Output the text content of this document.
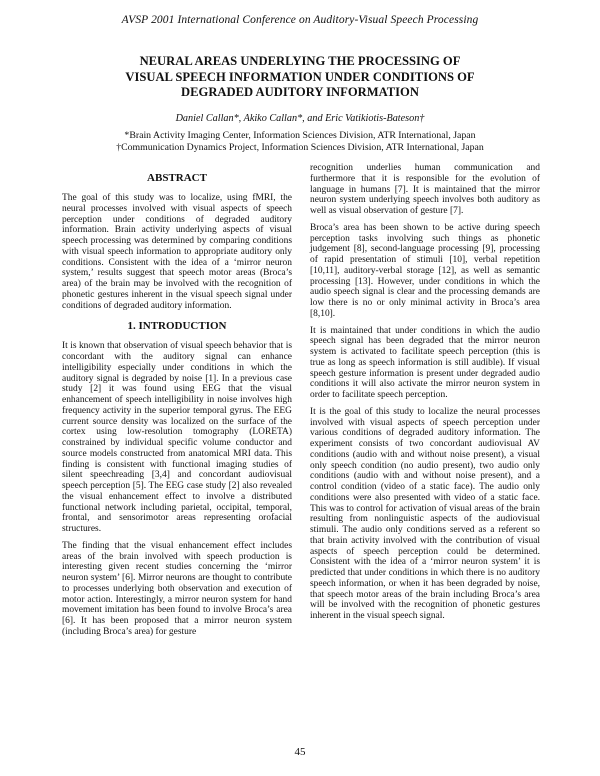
AVSP 2001 International Conference on Auditory-Visual Speech Processing
NEURAL AREAS UNDERLYING THE PROCESSING OF
VISUAL SPEECH INFORMATION UNDER CONDITIONS OF
DEGRADED AUDITORY INFORMATION
Daniel Callan*, Akiko Callan*, and Eric Vatikiotis-Bateson†
*Brain Activity Imaging Center, Information Sciences Division, ATR International, Japan
†Communication Dynamics Project, Information Sciences Division, ATR International, Japan
ABSTRACT

The goal of this study was to localize, using fMRI, the neural processes involved with visual aspects of speech perception under conditions of degraded auditory information. Brain activity underlying aspects of visual speech processing was determined by comparing conditions with visual speech information to appropriate auditory only conditions. Consistent with the idea of a ‘mirror neuron system,’ results suggest that speech motor areas (Broca’s area) of the brain may be involved with the recognition of phonetic gestures inherent in the visual speech signal under conditions of degraded auditory information.

1. INTRODUCTION

It is known that observation of visual speech behavior that is concordant with the auditory signal can enhance intelligibility especially under conditions in which the auditory signal is degraded by noise [1]. In a previous case study [2] it was found using EEG that the visual enhancement of speech intelligibility in noise involves high frequency activity in the superior temporal gyrus. The EEG current source density was localized on the surface of the cortex using low-resolution tomography (LORETA) constrained by individual specific volume conductor and source models constructed from anatomical MRI data. This finding is consistent with functional imaging studies of silent speechreading [3,4] and concordant audiovisual speech perception [5]. The EEG case study [2] also revealed the visual enhancement effect to involve a distributed functional network including parietal, occipital, temporal, frontal, and sensorimotor areas representing orofacial structures.

The finding that the visual enhancement effect includes areas of the brain involved with speech production is interesting given recent studies concerning the ‘mirror neuron system’ [6]. Mirror neurons are thought to contribute to processes underlying both observation and execution of motor action. Interestingly, a mirror neuron system for hand movement imitation has been found to involve Broca’s area [6]. It has been proposed that a mirror neuron system (including Broca’s area) for gesture

recognition underlies human communication and furthermore that it is responsible for the evolution of language in humans [7]. It is maintained that the mirror neuron system underlying speech involves both auditory as well as visual observation of gesture [7].

Broca’s area has been shown to be active during speech perception tasks involving such things as phonetic judgement [8], second-language processing [9], processing of rapid presentation of stimuli [10], verbal repetition [10,11], auditory-verbal storage [12], as well as semantic processing [13]. However, under conditions in which the audio speech signal is clear and the processing demands are low there is no or only minimal activity in Broca’s area [8,10].

It is maintained that under conditions in which the audio speech signal has been degraded that the mirror neuron system is activated to facilitate speech perception (this is true as long as speech information is still audible). If visual speech gesture information is present under degraded audio conditions it will also activate the mirror neuron system in order to facilitate speech perception.

It is the goal of this study to localize the neural processes involved with visual aspects of speech perception under various conditions of degraded auditory information. The experiment consists of two concordant audiovisual AV conditions (audio with and without noise present), a visual only speech condition (no audio present), two audio only conditions (audio with and without noise present), and a control condition (video of a static face). The audio only conditions were also presented with video of a static face. This was to control for activation of visual areas of the brain resulting from nonlinguistic aspects of the audiovisual stimuli. The audio only conditions served as a referent so that brain activity involved with the contribution of visual aspects of speech perception could be determined. Consistent with the idea of a ‘mirror neuron system’ it is predicted that under conditions in which there is no auditory speech information, or when it has been degraded by noise, that speech motor areas of the brain including Broca’s area will be involved with the recognition of phonetic gestures inherent in the visual speech signal.

45
